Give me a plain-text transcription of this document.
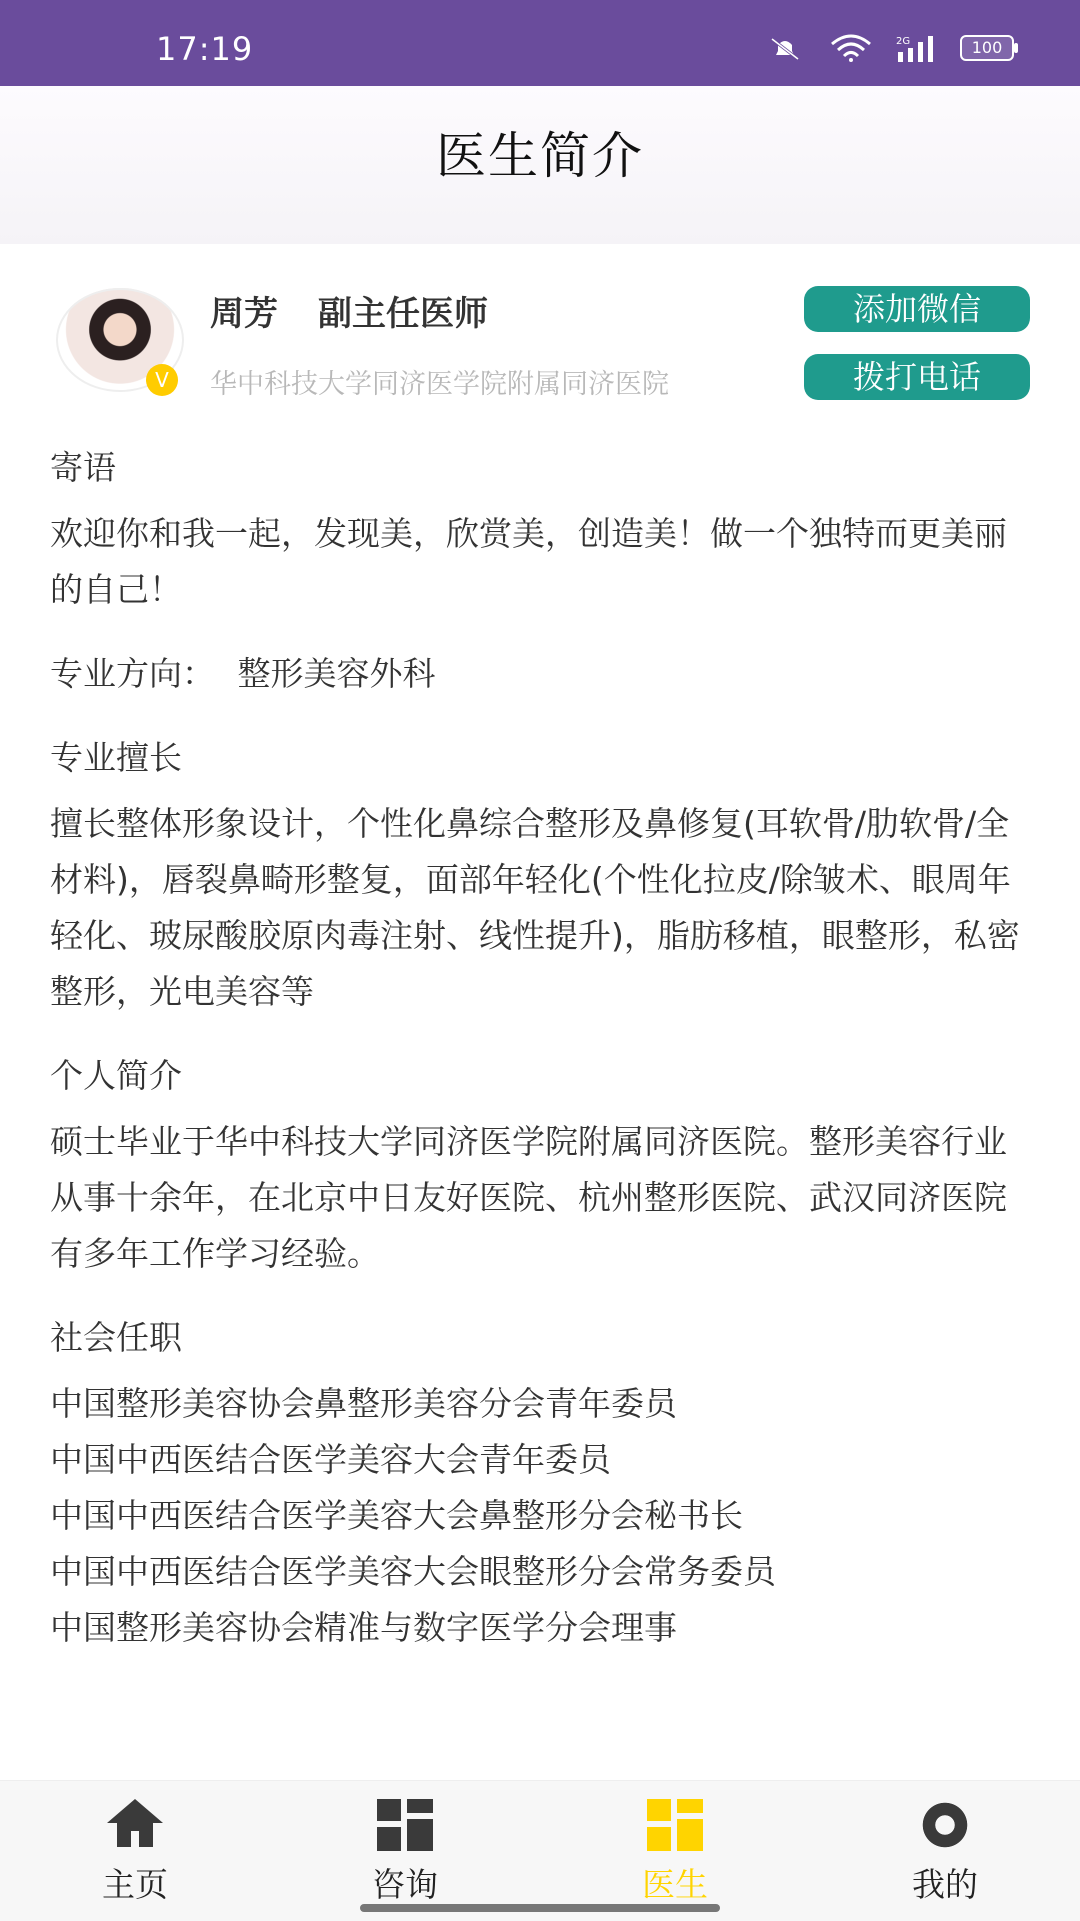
17:19	2G	100
医生简介
V
周芳 副主任医师
华中科技大学同济医学院附属同济医院
添加微信
拨打电话

寄语

欢迎你和我一起，发现美，欣赏美，创造美！做一个独特而更美丽的自己！

专业方向： 整形美容外科

专业擅长

擅长整体形象设计，个性化鼻综合整形及鼻修复(耳软骨/肋软骨/全材料)，唇裂鼻畸形整复，面部年轻化(个性化拉皮/除皱术、眼周年轻化、玻尿酸胶原肉毒注射、线性提升)，脂肪移植，眼整形，私密整形，光电美容等

个人简介

硕士毕业于华中科技大学同济医学院附属同济医院。整形美容行业从事十余年，在北京中日友好医院、杭州整形医院、武汉同济医院有多年工作学习经验。

社会任职

中国整形美容协会鼻整形美容分会青年委员

中国中西医结合医学美容大会青年委员

中国中西医结合医学美容大会鼻整形分会秘书长

中国中西医结合医学美容大会眼整形分会常务委员

中国整形美容协会精准与数字医学分会理事

主页	咨询	医生	我的
